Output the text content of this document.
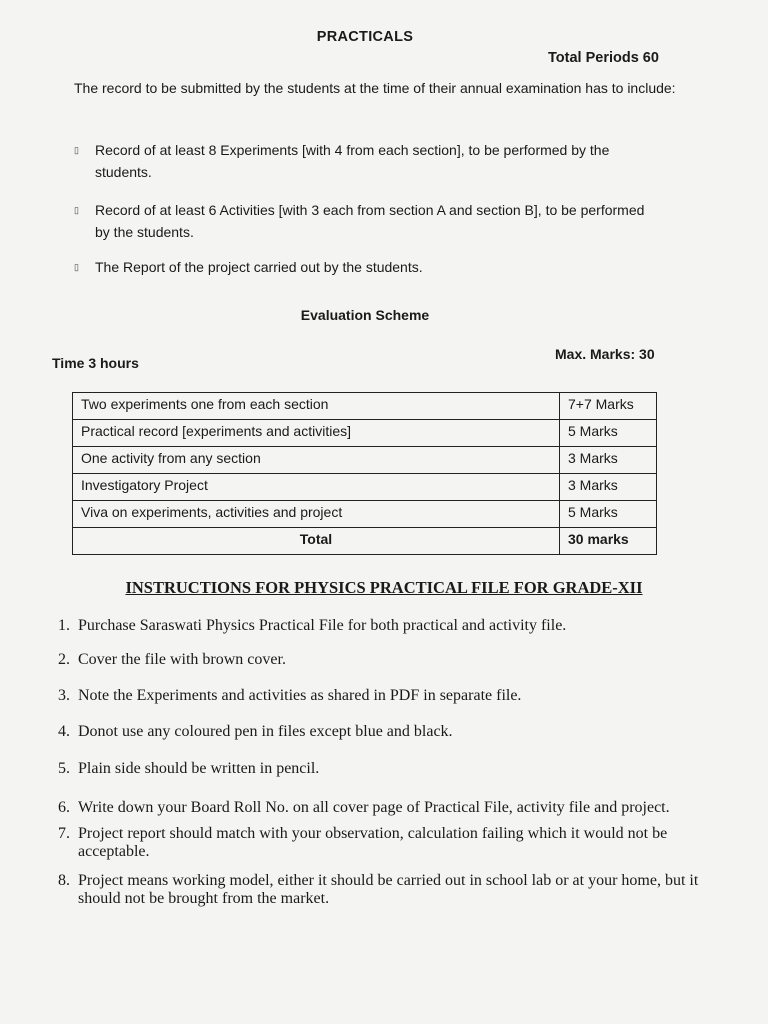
PRACTICALS
Total Periods 60
The record to be submitted by the students at the time of their annual examination has to include:
▯	Record of at least 8 Experiments [with 4 from each section], to be performed by the students.
▯	Record of at least 6 Activities [with 3 each from section A and section B], to be performed by the students.
▯	The Report of the project carried out by the students.
Evaluation Scheme
Time 3 hours
Max. Marks: 30
Two experiments one from each section	7+7 Marks
Practical record [experiments and activities]	5 Marks
One activity from any section	3 Marks
Investigatory Project	3 Marks
Viva on experiments, activities and project	5 Marks
Total	30 marks
INSTRUCTIONS FOR PHYSICS PRACTICAL FILE FOR GRADE-XII
1. Purchase Saraswati Physics Practical File for both practical and activity file.
2. Cover the file with brown cover.
3. Note the Experiments and activities as shared in PDF in separate file.
4. Donot use any coloured pen in files except blue and black.
5. Plain side should be written in pencil.
6. Write down your Board Roll No. on all cover page of Practical File, activity file and project.
7. Project report should match with your observation, calculation failing which it would not be acceptable.
8. Project means working model, either it should be carried out in school lab or at your home, but it should not be brought from the market.
